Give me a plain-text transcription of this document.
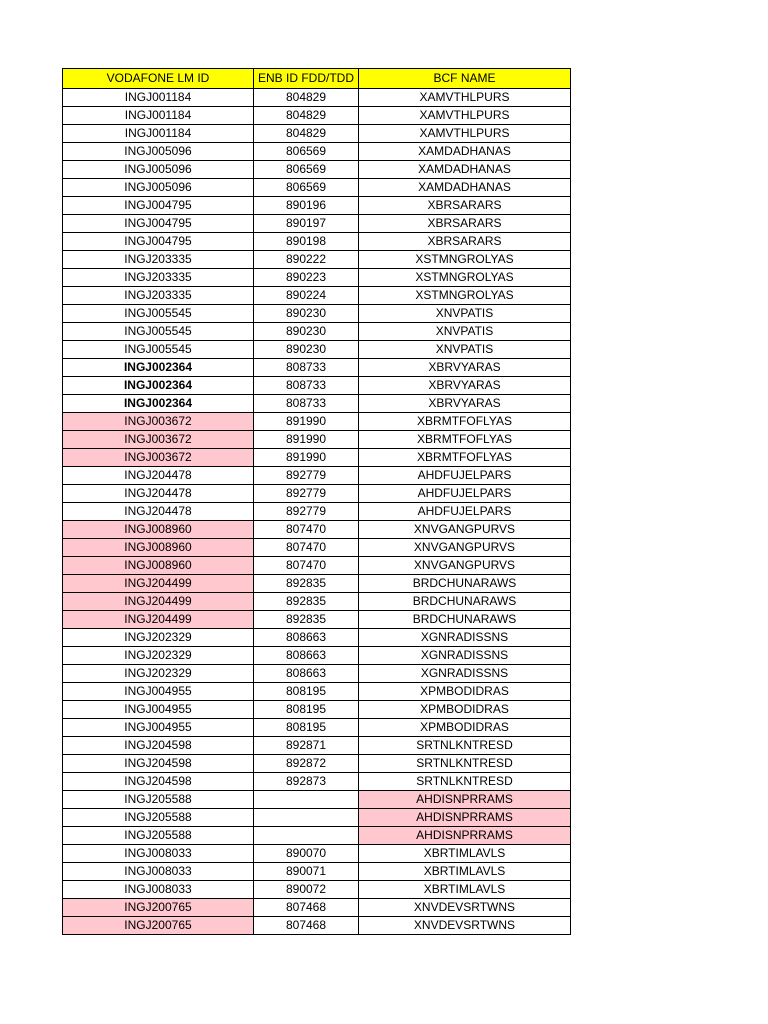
VODAFONE LM ID	ENB ID FDD/TDD	BCF NAME
INGJ001184	804829	XAMVTHLPURS
INGJ001184	804829	XAMVTHLPURS
INGJ001184	804829	XAMVTHLPURS
INGJ005096	806569	XAMDADHANAS
INGJ005096	806569	XAMDADHANAS
INGJ005096	806569	XAMDADHANAS
INGJ004795	890196	XBRSARARS
INGJ004795	890197	XBRSARARS
INGJ004795	890198	XBRSARARS
INGJ203335	890222	XSTMNGROLYAS
INGJ203335	890223	XSTMNGROLYAS
INGJ203335	890224	XSTMNGROLYAS
INGJ005545	890230	XNVPATIS
INGJ005545	890230	XNVPATIS
INGJ005545	890230	XNVPATIS
INGJ002364	808733	XBRVYARAS
INGJ002364	808733	XBRVYARAS
INGJ002364	808733	XBRVYARAS
INGJ003672	891990	XBRMTFOFLYAS
INGJ003672	891990	XBRMTFOFLYAS
INGJ003672	891990	XBRMTFOFLYAS
INGJ204478	892779	AHDFUJELPARS
INGJ204478	892779	AHDFUJELPARS
INGJ204478	892779	AHDFUJELPARS
INGJ008960	807470	XNVGANGPURVS
INGJ008960	807470	XNVGANGPURVS
INGJ008960	807470	XNVGANGPURVS
INGJ204499	892835	BRDCHUNARAWS
INGJ204499	892835	BRDCHUNARAWS
INGJ204499	892835	BRDCHUNARAWS
INGJ202329	808663	XGNRADISSNS
INGJ202329	808663	XGNRADISSNS
INGJ202329	808663	XGNRADISSNS
INGJ004955	808195	XPMBODIDRAS
INGJ004955	808195	XPMBODIDRAS
INGJ004955	808195	XPMBODIDRAS
INGJ204598	892871	SRTNLKNTRESD
INGJ204598	892872	SRTNLKNTRESD
INGJ204598	892873	SRTNLKNTRESD
INGJ205588		AHDISNPRRAMS
INGJ205588		AHDISNPRRAMS
INGJ205588		AHDISNPRRAMS
INGJ008033	890070	XBRTIMLAVLS
INGJ008033	890071	XBRTIMLAVLS
INGJ008033	890072	XBRTIMLAVLS
INGJ200765	807468	XNVDEVSRTWNS
INGJ200765	807468	XNVDEVSRTWNS
